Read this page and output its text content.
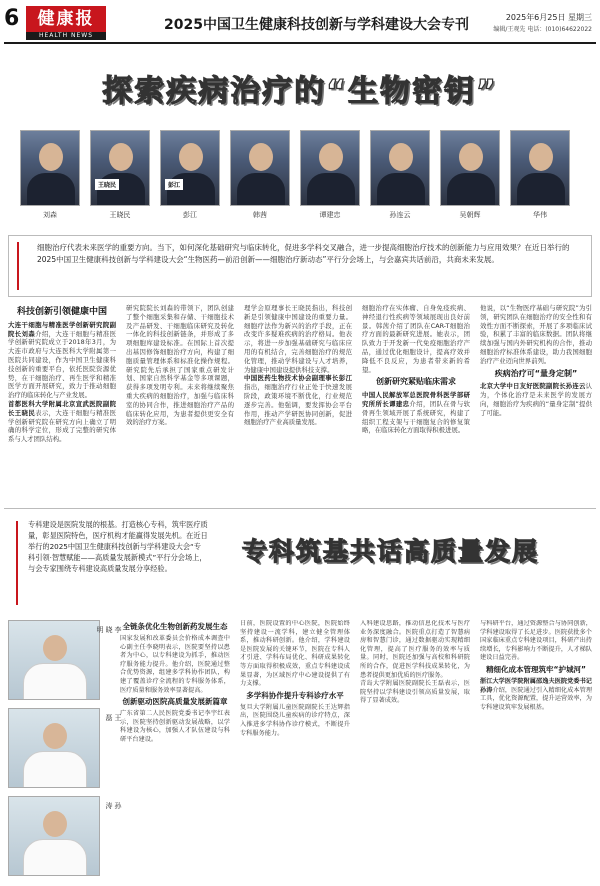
6	健康报
HEALTH NEWS
2025中国卫生健康科技创新与学科建设大会专刊	2025年6月25日 星期三
编辑/王观先 电话：(010)64622022
探索疾病治疗的“生物密钥”
刘森
王晓民
王晓民
彭江
彭江	韩茜	谭建忠	孙连云	吴朝辉	华伟
细胞治疗代表未来医学的重要方向。当下，如何深化基础研究与临床转化，促进多学科交叉融合，进一步提高细胞治疗技术的创新能力与应用效果？在近日举行的2025中国卫生健康科技创新与学科建设大会“生物医药—前沿创新——细胞治疗新动态”平行分会场上，与会嘉宾共话前沿，共商未来发展。
科技创新引领健康中国
大连干细胞与精准医学创新研究院副院长刘森介绍，大连干细胞与精准医学创新研究院成立于2018年3月，为大连市政府与大连医科大学附属第一医院共同建设，作为中国卫生健康科技创新的重要平台，依托医院资源优势，在干细胞治疗、再生医学和精准医学方面开展研究，致力于推动细胞治疗的临床转化与产业发展。
首都医科大学附属北京宣武医院副院长王晓民表示，大连干细胞与精准医学创新研究院在研究方向上确立了明确的科学定位，形成了完整的研究体系与人才团队结构。
研究院院长刘森的带领下，团队创建了整个细胞采集和存储、干细胞技术及产品研发、干细胞临床研究及转化一体化的科技创新链条，并形成了多项细胞库建设标准。在国际上首次提出基因修饰细胞治疗方向，构建了细胞质量管理体系和标准化操作规程。研究院先后承担了国家重点研发计划、国家自然科学基金等多项课题，获得多项发明专利。未来将继续聚焦重大疾病的细胞治疗，加强与临床科室的协同合作，推进细胞治疗产品的临床转化应用，为患者提供更安全有效的治疗方案。
理学会原理事长王晓民指出，科技创新是引领健康中国建设的重要力量。细胞疗法作为新兴的治疗手段，正在改变许多疑难疾病的治疗格局。他表示，将进一步加强基础研究与临床应用的有机结合，完善细胞治疗的规范化管理，推动学科建设与人才培养，为健康中国建设提供科技支撑。
中国医药生物技术协会副理事长彭江指出，细胞治疗行业正处于快速发展阶段，政策环境不断优化，行业规范逐步完善。他强调，要发挥协会平台作用，推动产学研医协同创新，促进细胞治疗产业高质量发展。
细胞治疗在实体瘤、自身免疫疾病、神经退行性疾病等领域展现出良好前景。韩茜介绍了团队在CAR-T细胞治疗方面的最新研究进展。她表示，团队致力于开发新一代免疫细胞治疗产品，通过优化细胞设计，提高疗效并降低不良反应，为患者带来新的希望。
创新研究紧贴临床需求
中国人民解放军总医院骨科医学部研究所所长谭建忠介绍，团队在骨与软骨再生领域开展了系统研究，构建了组织工程支架与干细胞复合的修复策略，在临床转化方面取得积极进展。
他说，以“生物医疗基础与研究院”为引领，研究团队在细胞治疗的安全性和有效性方面不断探索，开展了多项临床试验，积累了丰富的临床数据。团队将继续加强与国内外研究机构的合作，推动细胞治疗标准体系建设，助力我国细胞治疗产业迈向世界前列。
疾病治疗可“量身定制”
北京大学中日友好医院副院长孙连云认为，个体化治疗是未来医学的发展方向，细胞治疗为疾病的“量身定制”提供了可能。
专科建设是医院发展的根基。打造核心专科，筑牢医疗质量，彰显医院特色，医疗机构才能赢得发展先机。在近日举行的2025中国卫生健康科技创新与学科建设大会“专科引领·智慧赋能——高质量发展新模式”平行分会场上，与会专家围绕专科建设高质量发展分享经验。
专科筑基共话高质量发展
李晓明
王磊
孙涛
全链条优化生物创新药发展生态
国家发展和改革委员会价格成本调查中心副主任李晓明表示，医院要坚持以患者为中心，以专科建设为抓手，推动医疗服务能力提升。他介绍，医院通过整合优势资源，组建多学科协作团队，构建了覆盖诊疗全流程的专科服务体系，医疗质量和服务效率显著提高。
创新驱动医院高质量发展新篇章
广东省第二人民医院党委书记李宇红表示，医院坚持创新驱动发展战略，以学科建设为核心，加强人才队伍建设与科研平台建设。
日前，医院设置的中心医院，医院始终坚持建设一流学科，建立健全管理体系，推动科研创新。他介绍，学科建设是医院发展的关键环节，医院在专科人才引进、学科布局优化、科研成果转化等方面取得积极成效，重点专科建设成果显著，为区域医疗中心建设提供了有力支撑。
多学科协作提升专科诊疗水平
复旦大学附属儿童医院副院长王达辉指出，医院围绕儿童疾病的诊疗特点，深入推进多学科协作诊疗模式，不断提升专科服务能力。
入科建设思路，推动信息化技术与医疗业务深度融合。医院重点打造了智慧病房和智慧门诊，通过数据驱动实现精细化管理，提高了医疗服务的效率与质量。同时，医院还加强与高校和科研院所的合作，促进医学科技成果转化，为患者提供更加优质的医疗服务。
青岛大学附属医院副院长王磊表示，医院坚持以学科建设引领高质量发展，取得了显著成效。
与科研平台，通过资源整合与协同创新，学科建设取得了长足进步。医院获批多个国家临床重点专科建设项目，科研产出持续增长，专科影响力不断提升，人才梯队建设日益完善。
精细化成本管理筑牢“护城河”
浙江大学医学院附属邵逸夫医院党委书记孙涛介绍，医院通过引入精细化成本管理工具，优化资源配置，提升运营效率，为专科建设筑牢发展根基。
